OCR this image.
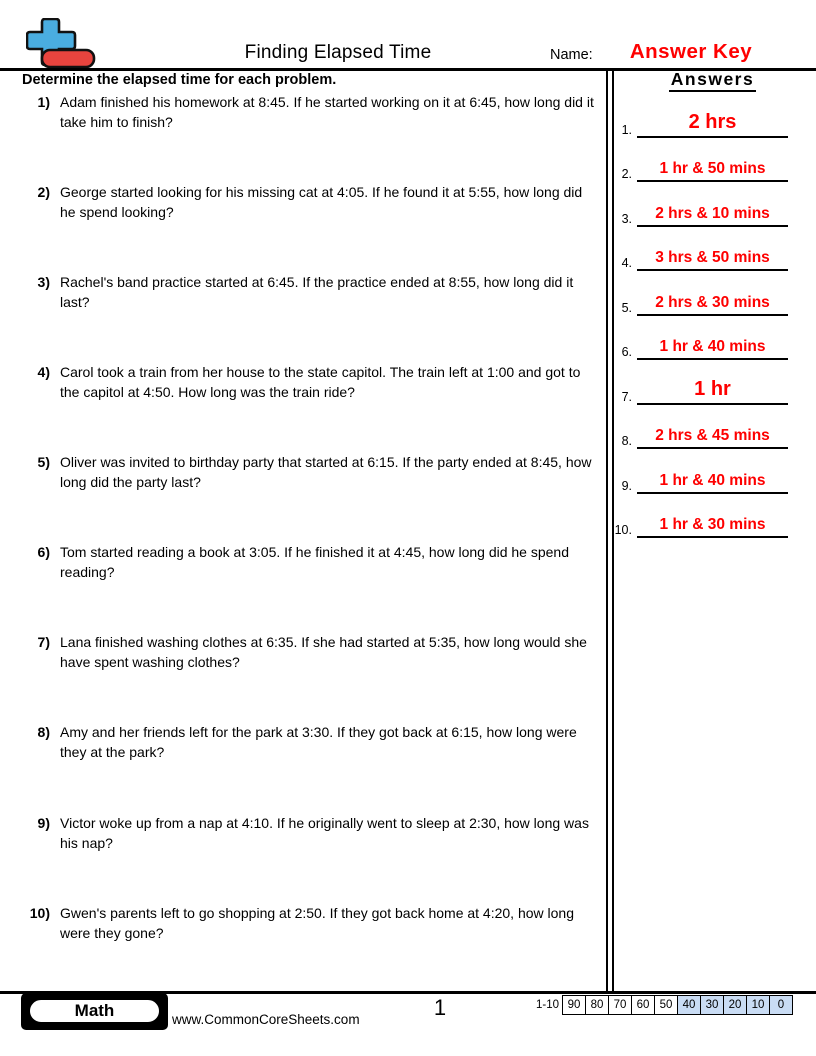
Finding Elapsed Time	Name:	Answer Key
Determine the elapsed time for each problem.
1) Adam finished his homework at 8:45. If he started working on it at 6:45, how long did it take him to finish?
2) George started looking for his missing cat at 4:05. If he found it at 5:55, how long did he spend looking?
3) Rachel's band practice started at 6:45. If the practice ended at 8:55, how long did it last?
4) Carol took a train from her house to the state capitol. The train left at 1:00 and got to the capitol at 4:50. How long was the train ride?
5) Oliver was invited to birthday party that started at 6:15. If the party ended at 8:45, how long did the party last?
6) Tom started reading a book at 3:05. If he finished it at 4:45, how long did he spend reading?
7) Lana finished washing clothes at 6:35. If she had started at 5:35, how long would she have spent washing clothes?
8) Amy and her friends left for the park at 3:30. If they got back at 6:15, how long were they at the park?
9) Victor woke up from a nap at 4:10. If he originally went to sleep at 2:30, how long was his nap?
10) Gwen's parents left to go shopping at 2:50. If they got back home at 4:20, how long were they gone?
Answers
1.	2 hrs
2.	1 hr & 50 mins
3.	2 hrs & 10 mins
4.	3 hrs & 50 mins
5.	2 hrs & 30 mins
6.	1 hr & 40 mins
7.	1 hr
8.	2 hrs & 45 mins
9.	1 hr & 40 mins
10.	1 hr & 30 mins
Math	www.CommonCoreSheets.com	1	1-10 90	80	70	60	50	40	30	20	10	0
